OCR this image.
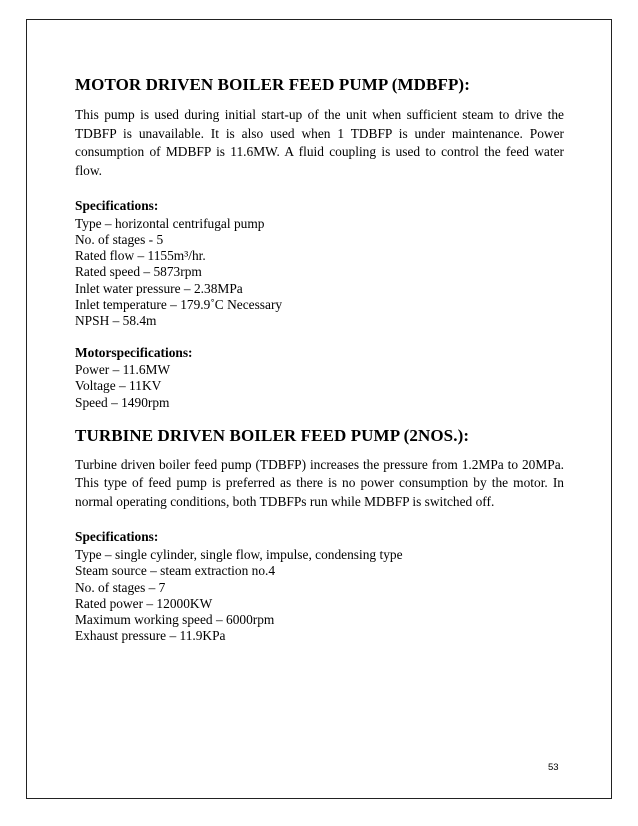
MOTOR DRIVEN BOILER FEED PUMP (MDBFP):

This pump is used during initial start-up of the unit when sufficient steam to drive the TDBFP is unavailable. It is also used when 1 TDBFP is under maintenance. Power consumption of MDBFP is 11.6MW. A fluid coupling is used to control the feed water flow.

Specifications:

Type – horizontal centrifugal pump

No. of stages - 5

Rated flow – 1155m³/hr.

Rated speed – 5873rpm

Inlet water pressure – 2.38MPa

Inlet temperature – 179.9˚C Necessary

NPSH – 58.4m

Motorspecifications:

Power – 11.6MW

Voltage – 11KV

Speed – 1490rpm

TURBINE DRIVEN BOILER FEED PUMP (2NOS.):

Turbine driven boiler feed pump (TDBFP) increases the pressure from 1.2MPa to 20MPa. This type of feed pump is preferred as there is no power consumption by the motor. In normal operating conditions, both TDBFPs run while MDBFP is switched off.

Specifications:

Type – single cylinder, single flow, impulse, condensing type

Steam source – steam extraction no.4

No. of stages – 7

Rated power – 12000KW

Maximum working speed – 6000rpm

Exhaust pressure – 11.9KPa

53
